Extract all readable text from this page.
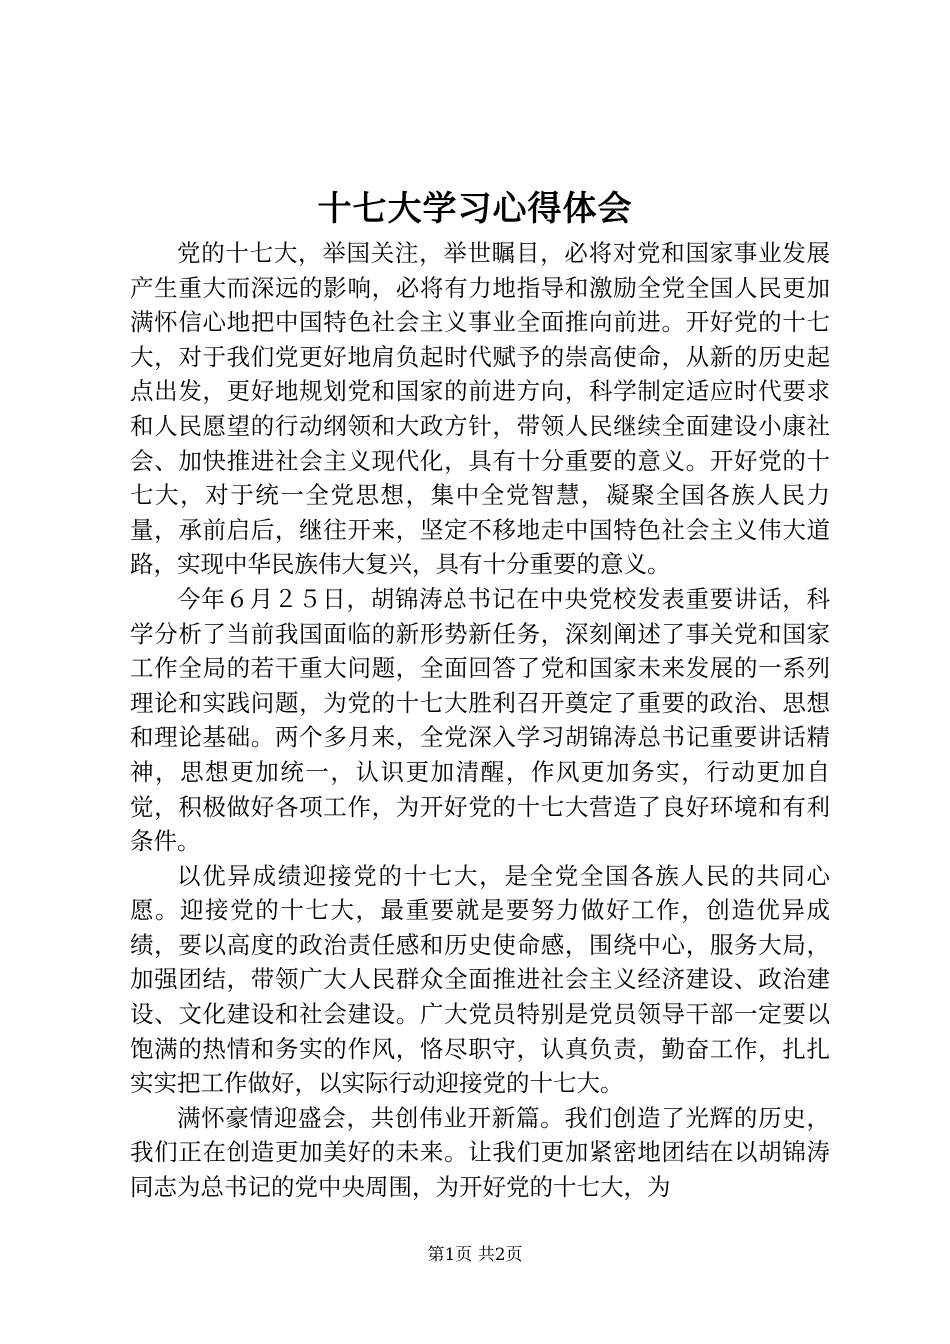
十七大学习心得体会

党的十七大，举国关注，举世瞩目，必将对党和国家事业发展产生重大而深远的影响，必将有力地指导和激励全党全国人民更加满怀信心地把中国特色社会主义事业全面推向前进。开好党的十七大，对于我们党更好地肩负起时代赋予的崇高使命，从新的历史起点出发，更好地规划党和国家的前进方向，科学制定适应时代要求和人民愿望的行动纲领和大政方针，带领人民继续全面建设小康社会、加快推进社会主义现代化，具有十分重要的意义。开好党的十七大，对于统一全党思想，集中全党智慧，凝聚全国各族人民力量，承前启后，继往开来，坚定不移地走中国特色社会主义伟大道路，实现中华民族伟大复兴，具有十分重要的意义。

今年６月２５日，胡锦涛总书记在中央党校发表重要讲话，科学分析了当前我国面临的新形势新任务，深刻阐述了事关党和国家工作全局的若干重大问题，全面回答了党和国家未来发展的一系列理论和实践问题，为党的十七大胜利召开奠定了重要的政治、思想和理论基础。两个多月来，全党深入学习胡锦涛总书记重要讲话精神，思想更加统一，认识更加清醒，作风更加务实，行动更加自觉，积极做好各项工作，为开好党的十七大营造了良好环境和有利条件。

以优异成绩迎接党的十七大，是全党全国各族人民的共同心愿。迎接党的十七大，最重要就是要努力做好工作，创造优异成绩，要以高度的政治责任感和历史使命感，围绕中心，服务大局，加强团结，带领广大人民群众全面推进社会主义经济建设、政治建设、文化建设和社会建设。广大党员特别是党员领导干部一定要以饱满的热情和务实的作风，恪尽职守，认真负责，勤奋工作，扎扎实实把工作做好，以实际行动迎接党的十七大。

满怀豪情迎盛会，共创伟业开新篇。我们创造了光辉的历史，我们正在创造更加美好的未来。让我们更加紧密地团结在以胡锦涛同志为总书记的党中央周围，为开好党的十七大，为

第1页 共2页
